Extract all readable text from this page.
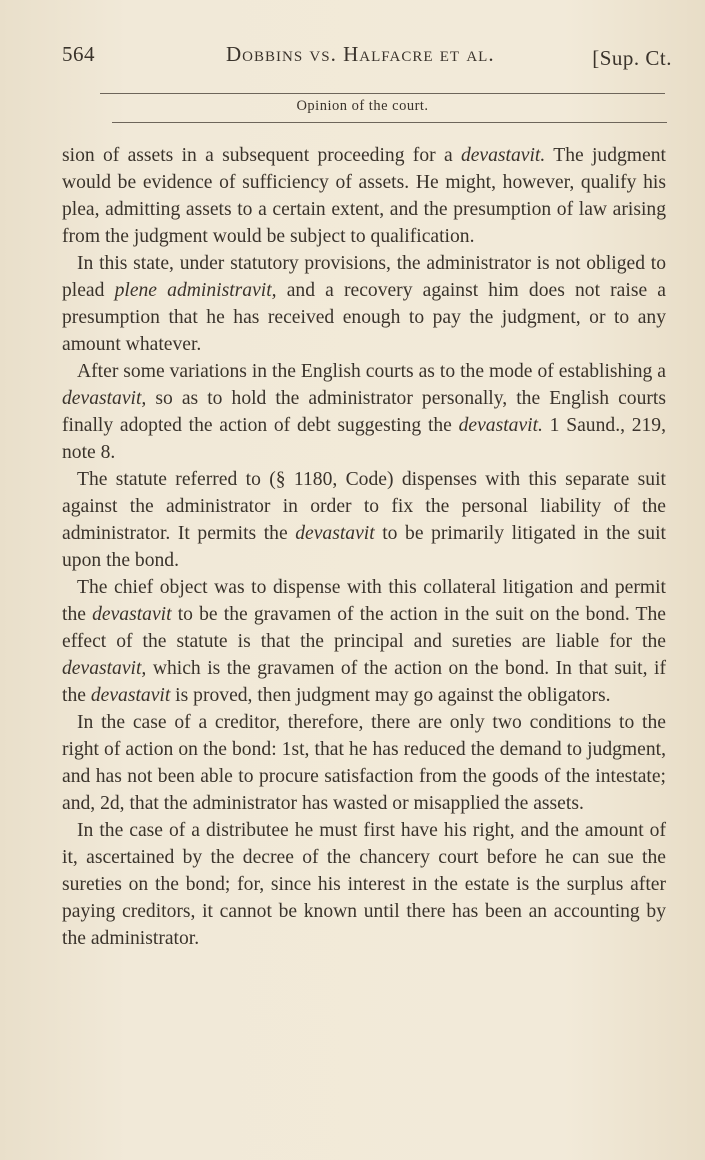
564	Dobbins vs. Halfacre et al.	[Sup. Ct.
Opinion of the court.

sion of assets in a subsequent proceeding for a devastavit. The judgment would be evidence of sufficiency of assets. He might, however, qualify his plea, admitting assets to a certain extent, and the presumption of law arising from the judgment would be subject to qualification.

In this state, under statutory provisions, the administrator is not obliged to plead plene administravit, and a recovery against him does not raise a presumption that he has received enough to pay the judgment, or to any amount whatever.

After some variations in the English courts as to the mode of establishing a devastavit, so as to hold the administrator personally, the English courts finally adopted the action of debt suggesting the devastavit. 1 Saund., 219, note 8.

The statute referred to (§ 1180, Code) dispenses with this separate suit against the administrator in order to fix the personal liability of the administrator. It permits the devastavit to be primarily litigated in the suit upon the bond.

The chief object was to dispense with this collateral litigation and permit the devastavit to be the gravamen of the action in the suit on the bond. The effect of the statute is that the principal and sureties are liable for the devastavit, which is the gravamen of the action on the bond. In that suit, if the devastavit is proved, then judgment may go against the obligators.

In the case of a creditor, therefore, there are only two conditions to the right of action on the bond: 1st, that he has reduced the demand to judgment, and has not been able to procure satisfaction from the goods of the intestate; and, 2d, that the administrator has wasted or misapplied the assets.

In the case of a distributee he must first have his right, and the amount of it, ascertained by the decree of the chancery court before he can sue the sureties on the bond; for, since his interest in the estate is the surplus after paying creditors, it cannot be known until there has been an accounting by the administrator.
